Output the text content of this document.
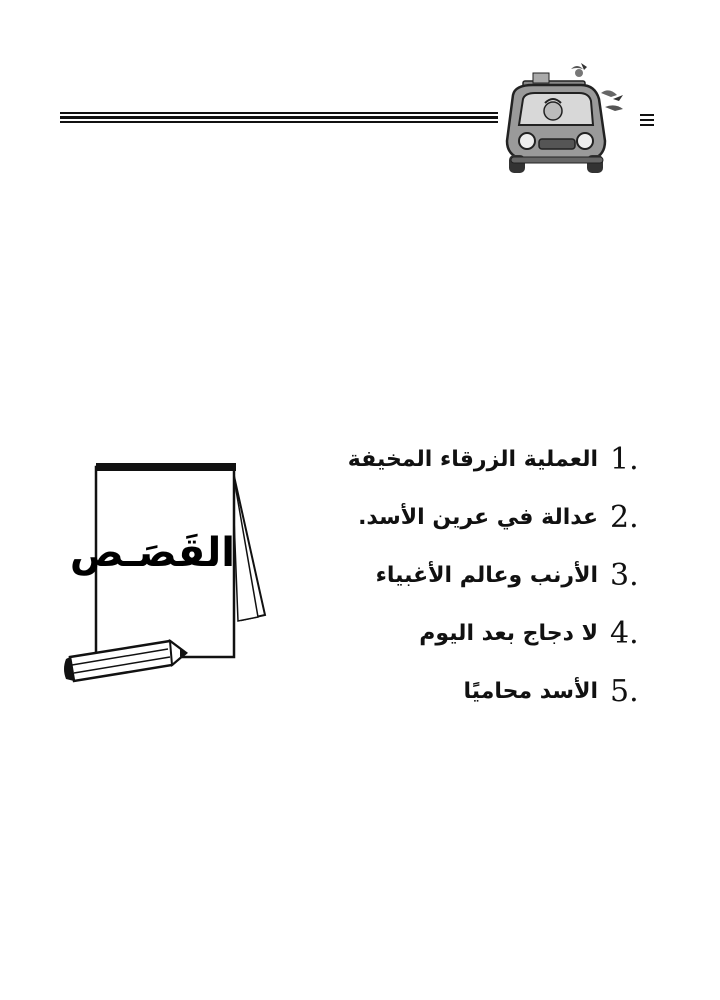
القَصَـص
1.
العملية الزرقاء المخيفة
2.
عدالة في عرين الأسد.
3.
الأرنب وعالم الأغبياء
4.
لا دجاج بعد اليوم
5.
الأسد محاميًا
